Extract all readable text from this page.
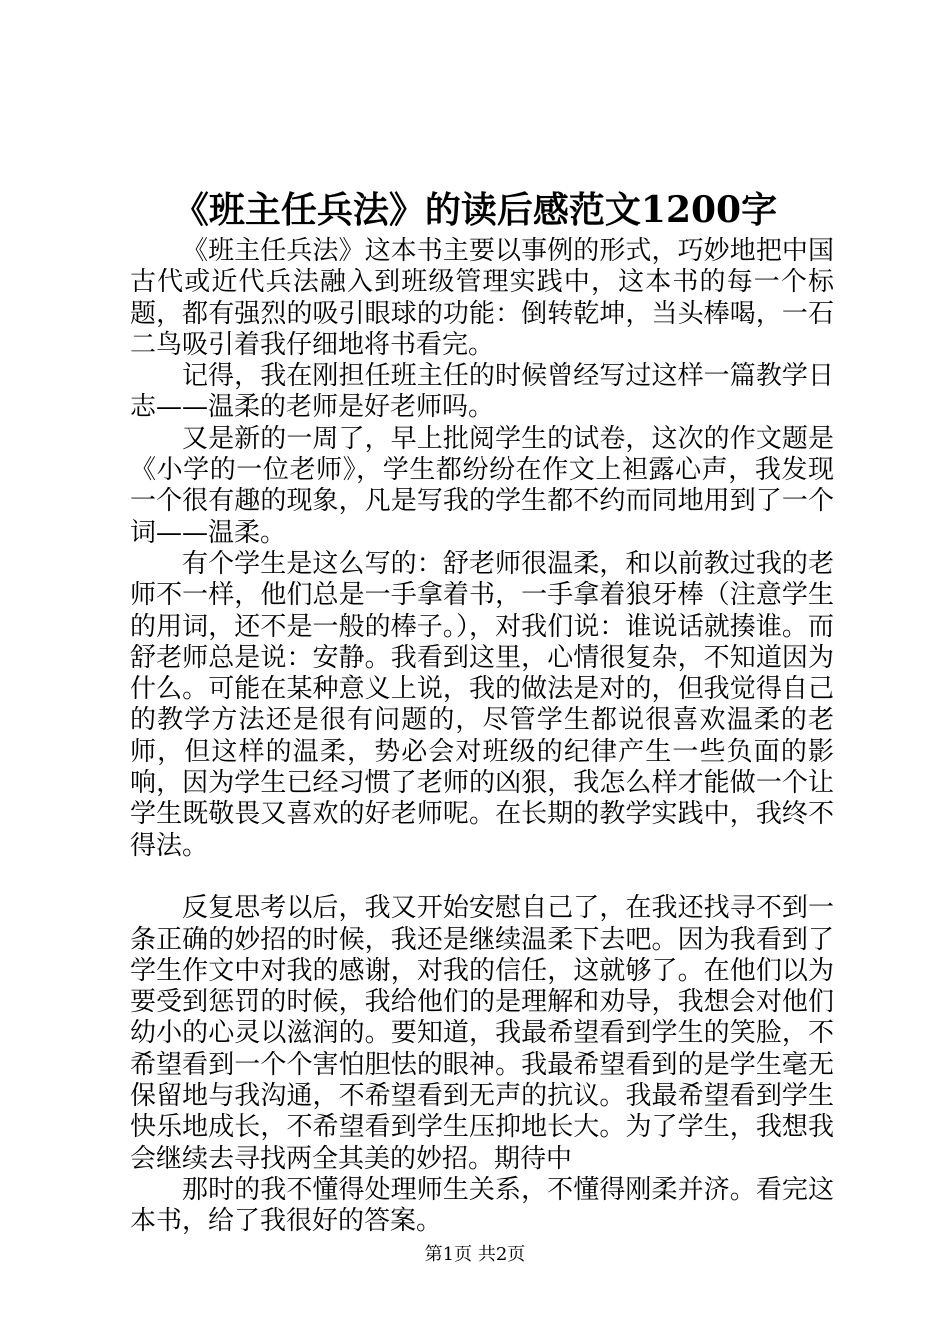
《班主任兵法》的读后感范文1200字

《班主任兵法》这本书主要以事例的形式，巧妙地把中国古代或近代兵法融入到班级管理实践中，这本书的每一个标题，都有强烈的吸引眼球的功能：倒转乾坤，当头棒喝，一石二鸟吸引着我仔细地将书看完。

记得，我在刚担任班主任的时候曾经写过这样一篇教学日志——温柔的老师是好老师吗。

又是新的一周了，早上批阅学生的试卷，这次的作文题是《小学的一位老师》，学生都纷纷在作文上袒露心声，我发现一个很有趣的现象，凡是写我的学生都不约而同地用到了一个词——温柔。

有个学生是这么写的：舒老师很温柔，和以前教过我的老师不一样，他们总是一手拿着书，一手拿着狼牙棒（注意学生的用词，还不是一般的棒子。），对我们说：谁说话就揍谁。而舒老师总是说：安静。我看到这里，心情很复杂，不知道因为什么。可能在某种意义上说，我的做法是对的，但我觉得自己的教学方法还是很有问题的，尽管学生都说很喜欢温柔的老师，但这样的温柔，势必会对班级的纪律产生一些负面的影响，因为学生已经习惯了老师的凶狠，我怎么样才能做一个让学生既敬畏又喜欢的好老师呢。在长期的教学实践中，我终不得法。

反复思考以后，我又开始安慰自己了，在我还找寻不到一条正确的妙招的时候，我还是继续温柔下去吧。因为我看到了学生作文中对我的感谢，对我的信任，这就够了。在他们以为要受到惩罚的时候，我给他们的是理解和劝导，我想会对他们幼小的心灵以滋润的。要知道，我最希望看到学生的笑脸，不希望看到一个个害怕胆怯的眼神。我最希望看到的是学生毫无保留地与我沟通，不希望看到无声的抗议。我最希望看到学生快乐地成长，不希望看到学生压抑地长大。为了学生，我想我会继续去寻找两全其美的妙招。期待中

那时的我不懂得处理师生关系，不懂得刚柔并济。看完这本书，给了我很好的答案。

第1页 共2页
